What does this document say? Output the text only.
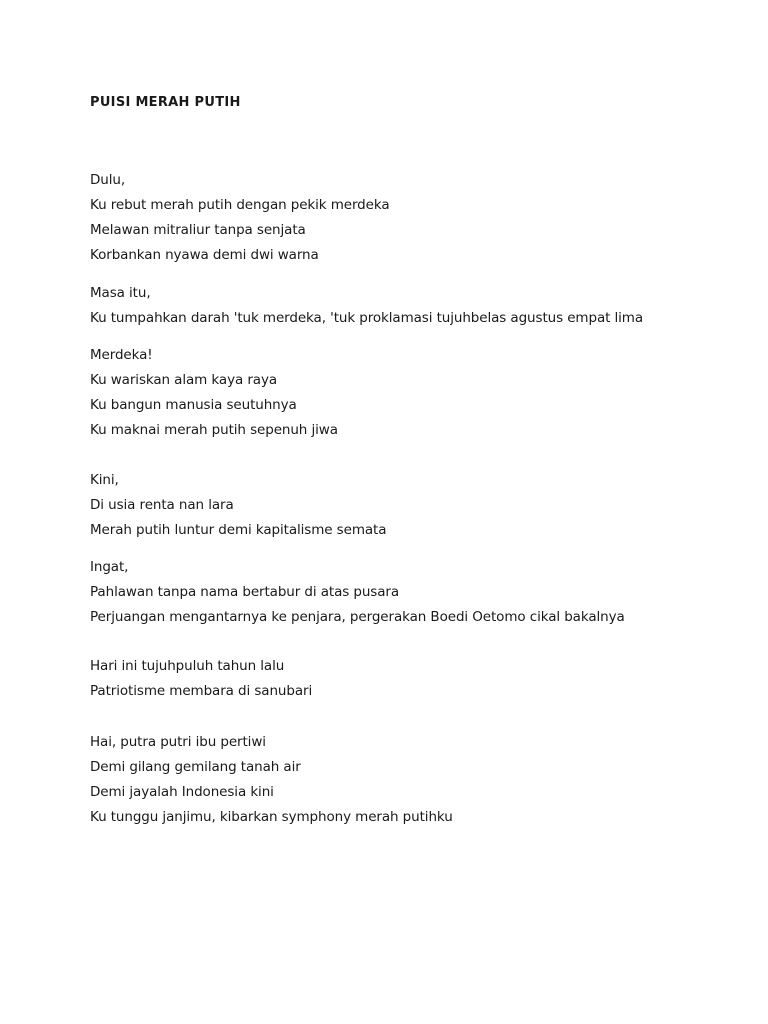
PUISI MERAH PUTIH
Dulu,
Ku rebut merah putih dengan pekik merdeka
Melawan mitraliur tanpa senjata
Korbankan nyawa demi dwi warna
Masa itu,
Ku tumpahkan darah 'tuk merdeka, 'tuk proklamasi tujuhbelas agustus empat lima
Merdeka!
Ku wariskan alam kaya raya
Ku bangun manusia seutuhnya
Ku maknai merah putih sepenuh jiwa
Kini,
Di usia renta nan lara
Merah putih luntur demi kapitalisme semata
Ingat,
Pahlawan tanpa nama bertabur di atas pusara
Perjuangan mengantarnya ke penjara, pergerakan Boedi Oetomo cikal bakalnya
Hari ini tujuhpuluh tahun lalu
Patriotisme membara di sanubari
Hai, putra putri ibu pertiwi
Demi gilang gemilang tanah air
Demi jayalah Indonesia kini
Ku tunggu janjimu, kibarkan symphony merah putihku
